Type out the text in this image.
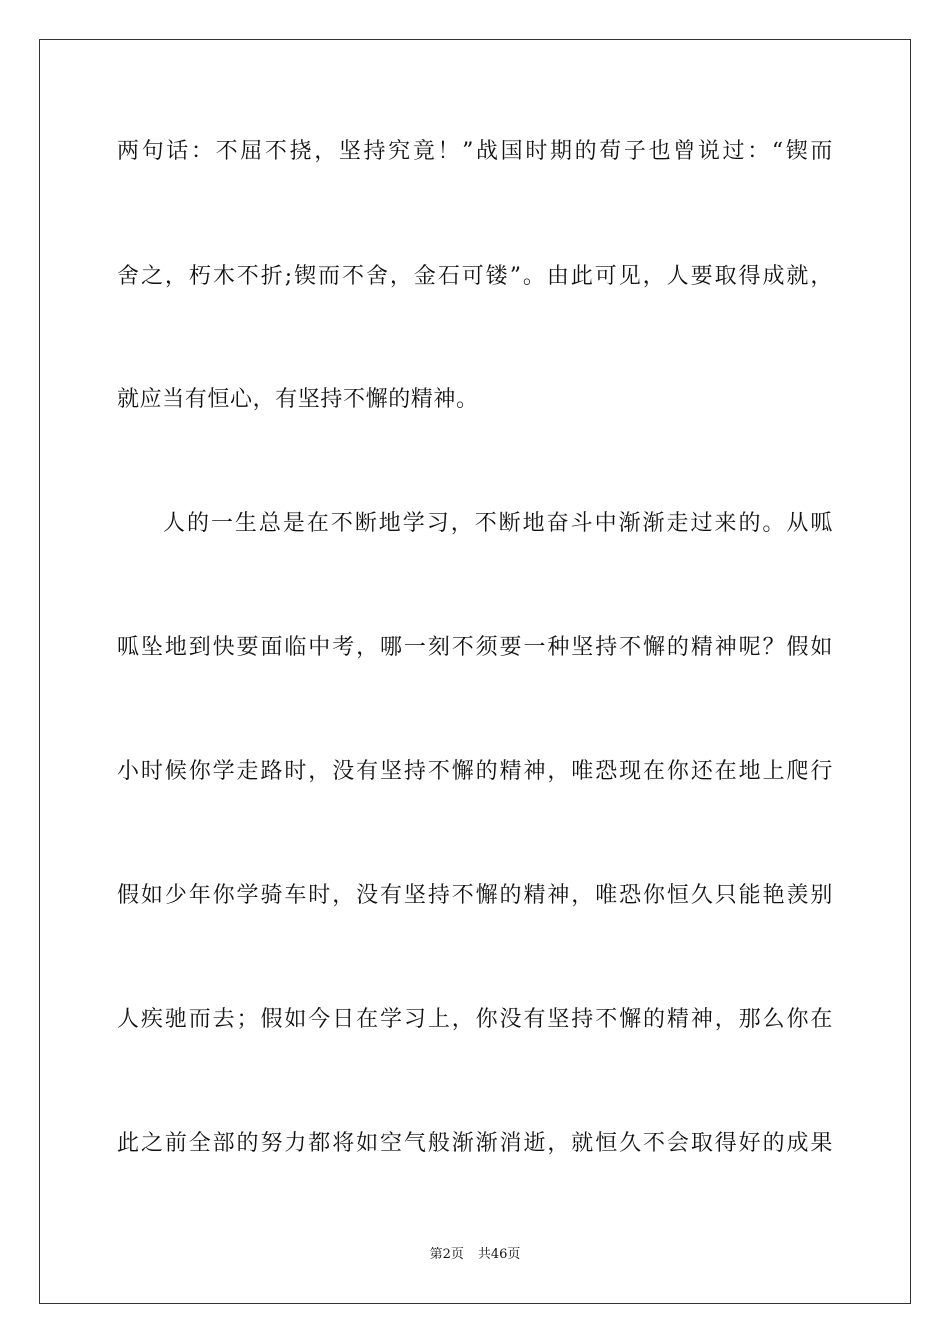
两句话：不屈不挠，坚持究竟！”战国时期的荀子也曾说过：“锲而
舍之，朽木不折;锲而不舍，金石可镂”。由此可见，人要取得成就，
就应当有恒心，有坚持不懈的精神。
人的一生总是在不断地学习，不断地奋斗中渐渐走过来的。从呱
呱坠地到快要面临中考，哪一刻不须要一种坚持不懈的精神呢？假如
小时候你学走路时，没有坚持不懈的精神，唯恐现在你还在地上爬行
假如少年你学骑车时，没有坚持不懈的精神，唯恐你恒久只能艳羡别
人疾驰而去；假如今日在学习上，你没有坚持不懈的精神，那么你在
此之前全部的努力都将如空气般渐渐消逝，就恒久不会取得好的成果
第2页 共46页
